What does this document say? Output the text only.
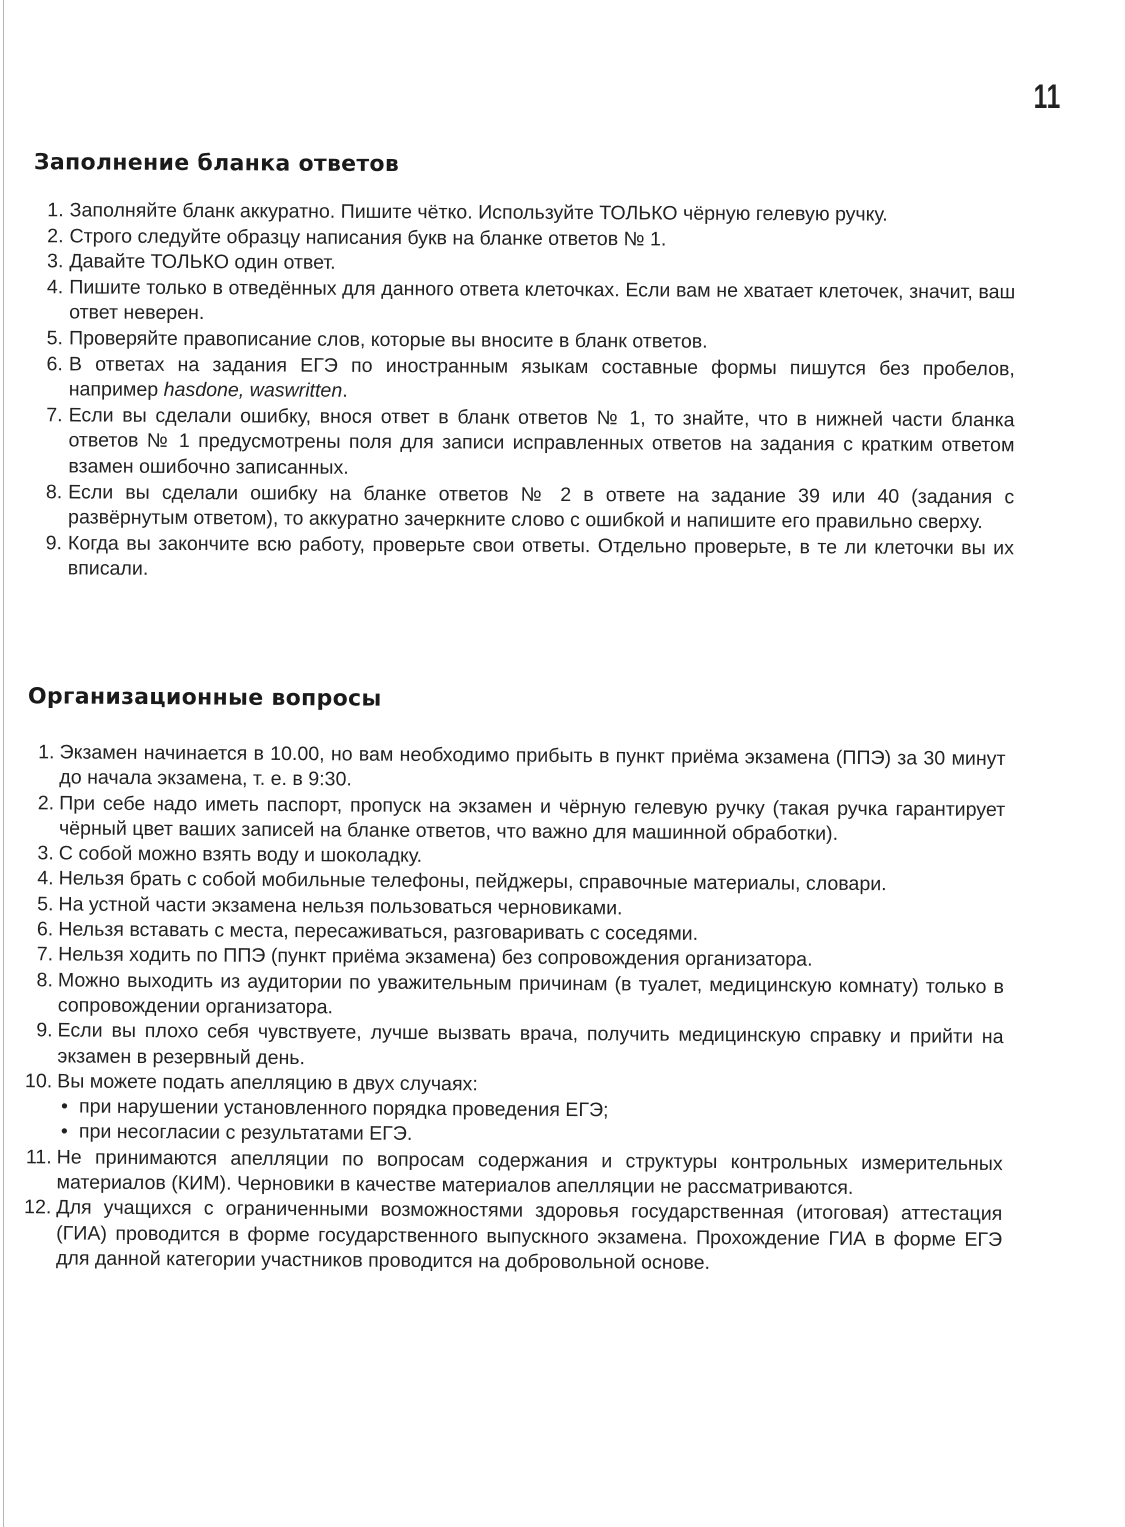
11
Заполнение бланка ответов
1. Заполняйте бланк аккуратно. Пишите чётко. Используйте ТОЛЬКО чёрную гелевую ручку.
2. Строго следуйте образцу написания букв на бланке ответов № 1.
3. Давайте ТОЛЬКО один ответ.
4. Пишите только в отведённых для данного ответа клеточках. Если вам не хватает клеточек, значит, ваш ответ неверен.
5. Проверяйте правописание слов, которые вы вносите в бланк ответов.
6. В ответах на задания ЕГЭ по иностранным языкам составные формы пишутся без пробелов, например hasdone, waswritten.
7. Если вы сделали ошибку, внося ответ в бланк ответов № 1, то знайте, что в нижней части бланка ответов № 1 предусмотрены поля для записи исправленных ответов на задания с кратким ответом взамен ошибочно записанных.
8. Если вы сделали ошибку на бланке ответов № 2 в ответе на задание 39 или 40 (задания с развёрнутым ответом), то аккуратно зачеркните слово с ошибкой и напишите его правильно сверху.
9. Когда вы закончите всю работу, проверьте свои ответы. Отдельно проверьте, в те ли клеточки вы их вписали.
Организационные вопросы
1. Экзамен начинается в 10.00, но вам необходимо прибыть в пункт приёма экзамена (ППЭ) за 30 минут до начала экзамена, т. е. в 9:30.
2. При себе надо иметь паспорт, пропуск на экзамен и чёрную гелевую ручку (такая ручка гарантирует чёрный цвет ваших записей на бланке ответов, что важно для машинной обработки).
3. С собой можно взять воду и шоколадку.
4. Нельзя брать с собой мобильные телефоны, пейджеры, справочные материалы, словари.
5. На устной части экзамена нельзя пользоваться черновиками.
6. Нельзя вставать с места, пересаживаться, разговаривать с соседями.
7. Нельзя ходить по ППЭ (пункт приёма экзамена) без сопровождения организатора.
8. Можно выходить из аудитории по уважительным причинам (в туалет, медицинскую комнату) только в сопровождении организатора.
9. Если вы плохо себя чувствуете, лучше вызвать врача, получить медицинскую справку и прийти на экзамен в резервный день.
10. Вы можете подать апелляцию в двух случаях:
• при нарушении установленного порядка проведения ЕГЭ;
• при несогласии с результатами ЕГЭ.
11. Не принимаются апелляции по вопросам содержания и структуры контрольных измерительных материалов (КИМ). Черновики в качестве материалов апелляции не рассматриваются.
12. Для учащихся с ограниченными возможностями здоровья государственная (итоговая) аттестация (ГИА) проводится в форме государственного выпускного экзамена. Прохождение ГИА в форме ЕГЭ для данной категории участников проводится на добровольной основе.
